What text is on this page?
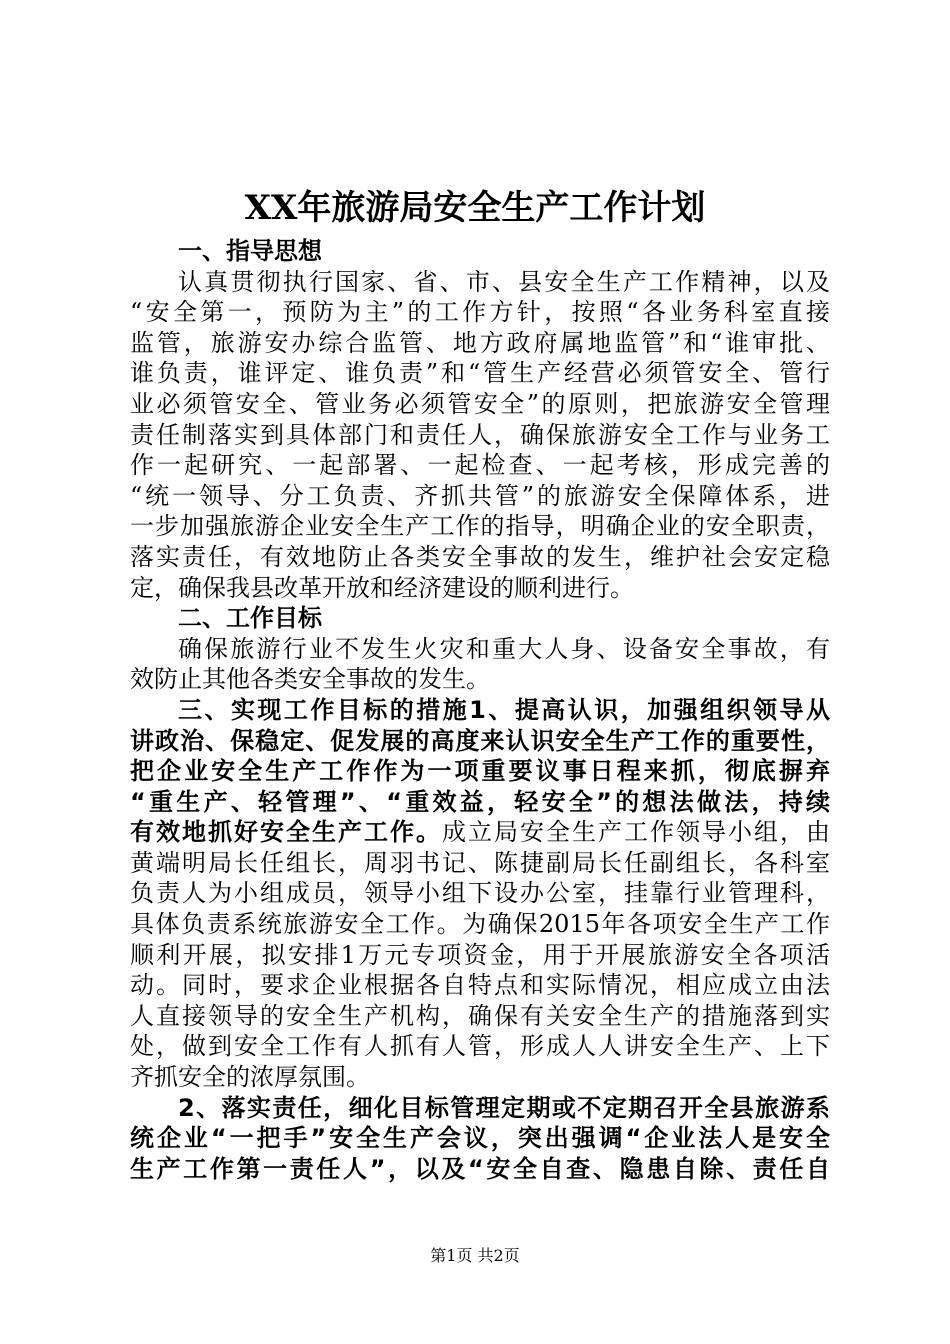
XX年旅游局安全生产工作计划
一、指导思想
认真贯彻执行国家、省、市、县安全生产工作精神，以及
“安全第一，预防为主”的工作方针，按照“各业务科室直接
监管，旅游安办综合监管、地方政府属地监管”和“谁审批、
谁负责，谁评定、谁负责”和“管生产经营必须管安全、管行
业必须管安全、管业务必须管安全”的原则，把旅游安全管理
责任制落实到具体部门和责任人，确保旅游安全工作与业务工
作一起研究、一起部署、一起检查、一起考核，形成完善的
“统一领导、分工负责、齐抓共管”的旅游安全保障体系，进
一步加强旅游企业安全生产工作的指导，明确企业的安全职责，
落实责任，有效地防止各类安全事故的发生，维护社会安定稳
定，确保我县改革开放和经济建设的顺利进行。
二、工作目标
确保旅游行业不发生火灾和重大人身、设备安全事故，有
效防止其他各类安全事故的发生。
三、实现工作目标的措施1、提高认识，加强组织领导从
讲政治、保稳定、促发展的高度来认识安全生产工作的重要性，
把企业安全生产工作作为一项重要议事日程来抓，彻底摒弃
“重生产、轻管理”、“重效益，轻安全”的想法做法，持续
有效地抓好安全生产工作。成立局安全生产工作领导小组，由
黄端明局长任组长，周羽书记、陈捷副局长任副组长，各科室
负责人为小组成员，领导小组下设办公室，挂靠行业管理科，
具体负责系统旅游安全工作。为确保2015年各项安全生产工作
顺利开展，拟安排1万元专项资金，用于开展旅游安全各项活
动。同时，要求企业根据各自特点和实际情况，相应成立由法
人直接领导的安全生产机构，确保有关安全生产的措施落到实
处，做到安全工作有人抓有人管，形成人人讲安全生产、上下
齐抓安全的浓厚氛围。
2、落实责任，细化目标管理定期或不定期召开全县旅游系
统企业“一把手”安全生产会议，突出强调“企业法人是安全
生产工作第一责任人”，以及“安全自查、隐患自除、责任自
第1页 共2页
